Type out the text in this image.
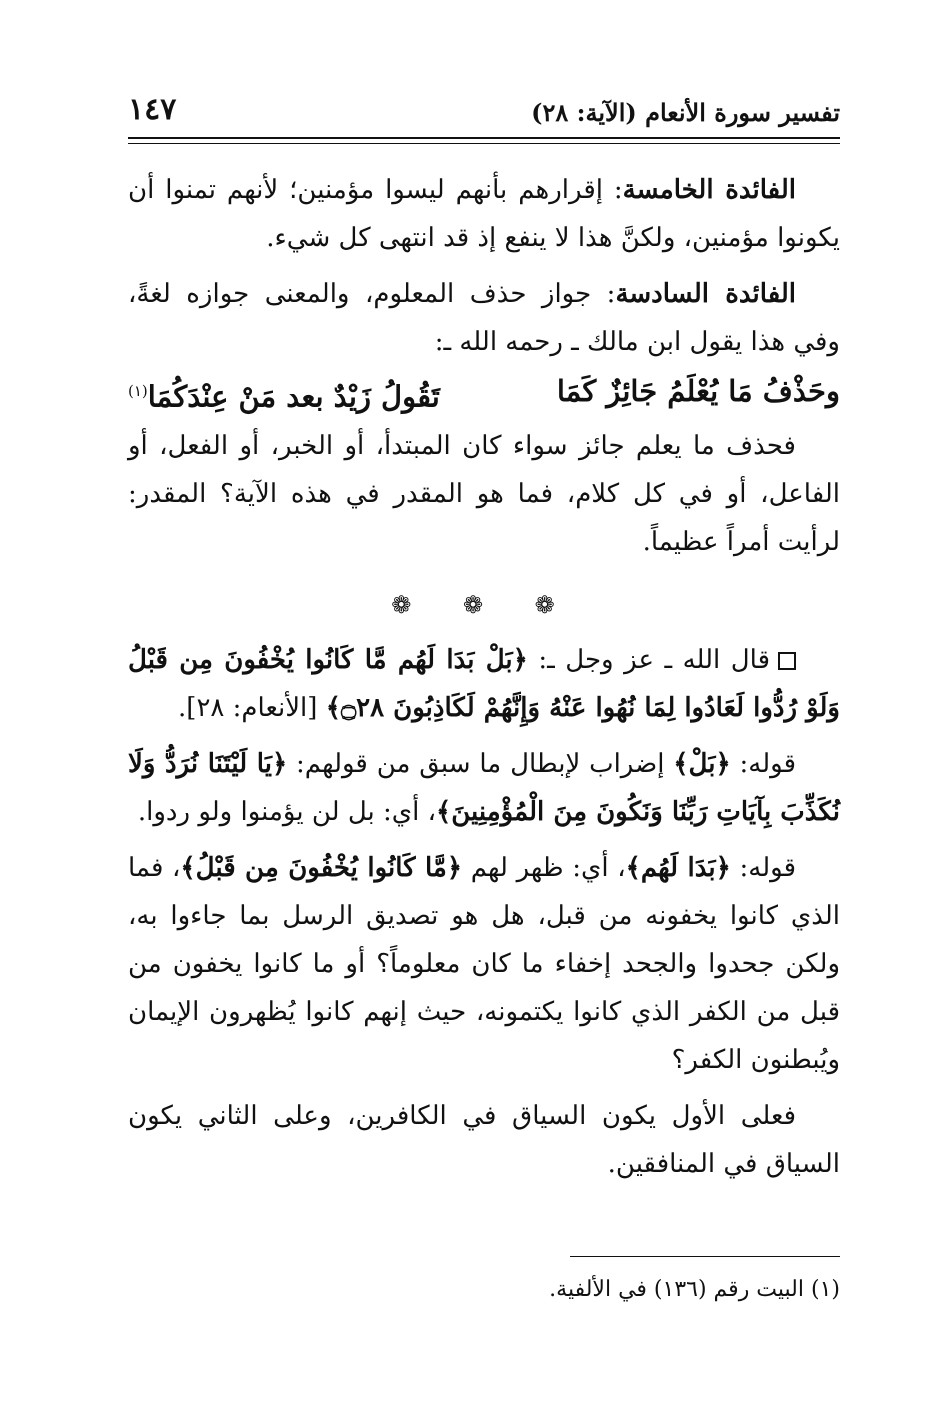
تفسير سورة الأنعام (الآية: ٢٨)
١٤٧

الفائدة الخامسة: إقرارهم بأنهم ليسوا مؤمنين؛ لأنهم تمنوا أن يكونوا مؤمنين، ولكنَّ هذا لا ينفع إذ قد انتهى كل شيء.

الفائدة السادسة: جواز حذف المعلوم، والمعنى جوازه لغةً، وفي هذا يقول ابن مالك ـ رحمه الله ـ:

وحَذْفُ مَا يُعْلَمُ جَائِزٌ كَمَا
تَقُولُ زَيْدٌ بعد مَنْ عِنْدَكُمَا$^{(١)}$

فحذف ما يعلم جائز سواء كان المبتدأ، أو الخبر، أو الفعل، أو الفاعل، أو في كل كلام، فما هو المقدر في هذه الآية؟ المقدر: لرأيت أمراً عظيماً.

❁ ❁ ❁

قال الله ـ عز وجل ـ: ﴿بَلْ بَدَا لَهُم مَّا كَانُوا يُخْفُونَ مِن قَبْلُ وَلَوْ رُدُّوا لَعَادُوا لِمَا نُهُوا عَنْهُ وَإِنَّهُمْ لَكَاذِبُونَ ۝٢٨﴾ [الأنعام: ٢٨].

قوله: ﴿بَلْ﴾ إضراب لإبطال ما سبق من قولهم: ﴿يَا لَيْتَنَا نُرَدُّ وَلَا نُكَذِّبَ بِآيَاتِ رَبِّنَا وَنَكُونَ مِنَ الْمُؤْمِنِينَ﴾، أي: بل لن يؤمنوا ولو ردوا.

قوله: ﴿بَدَا لَهُم﴾، أي: ظهر لهم ﴿مَّا كَانُوا يُخْفُونَ مِن قَبْلُ﴾، فما الذي كانوا يخفونه من قبل، هل هو تصديق الرسل بما جاءوا به، ولكن جحدوا والجحد إخفاء ما كان معلوماً؟ أو ما كانوا يخفون من قبل من الكفر الذي كانوا يكتمونه، حيث إنهم كانوا يُظهرون الإيمان ويُبطنون الكفر؟

فعلى الأول يكون السياق في الكافرين، وعلى الثاني يكون السياق في المنافقين.

(١) البيت رقم (١٣٦) في الألفية.
